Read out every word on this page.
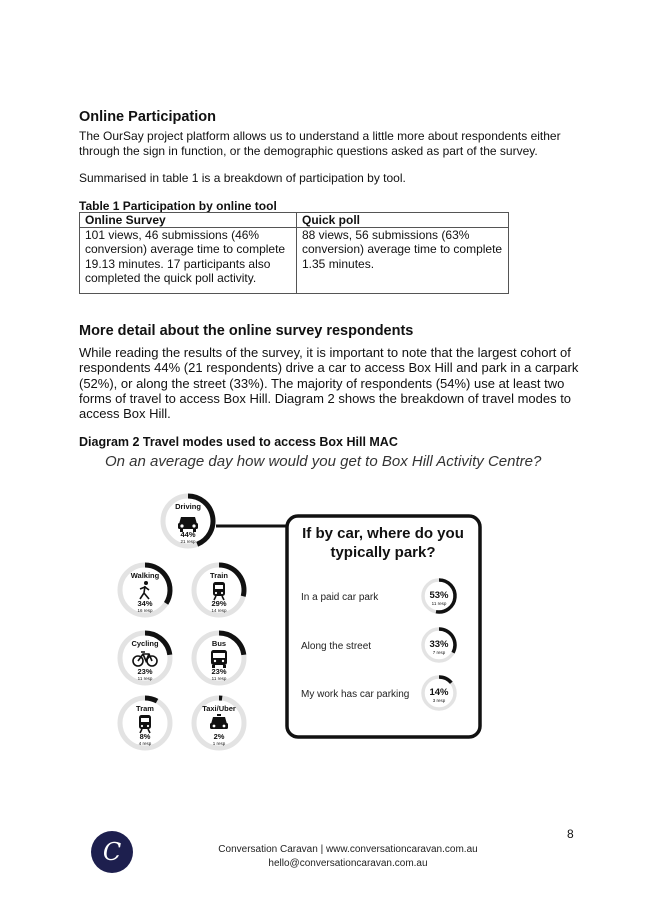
Online Participation

The OurSay project platform allows us to understand a little more about respondents either through the sign in function, or the demographic questions asked as part of the survey.

Summarised in table 1 is a breakdown of participation by tool.

Table 1 Participation by online tool
Online Survey	Quick poll
101 views, 46 submissions (46% conversion) average time to complete 19.13 minutes. 17 participants also completed the quick poll activity.	88 views, 56 submissions (63% conversion) average time to complete 1.35 minutes.
More detail about the online survey respondents

While reading the results of the survey, it is important to note that the largest cohort of respondents 44% (21 respondents) drive a car to access Box Hill and park in a carpark (52%), or along the street (33%). The majority of respondents (54%) use at least two forms of travel to access Box Hill. Diagram 2 shows the breakdown of travel modes to access Box Hill.

Diagram 2 Travel modes used to access Box Hill MAC
On an average day how would you get to Box Hill Activity Centre?
If by car, where do you
typically park?
Driving
44%
21 resp
Walking
34%
16 resp
Train
29%
14 resp
Cycling
23%
11 resp
Bus
23%
11 resp
Tram
8%
4 resp
Taxi/Uber
2%
1 resp
In a paid car park	53%
11 resp
Along the street	33%
7 resp
My work has car parking 14%
3 resp
8
C	Conversation Caravan | www.conversationcaravan.com.au
hello@conversationcaravan.com.au
